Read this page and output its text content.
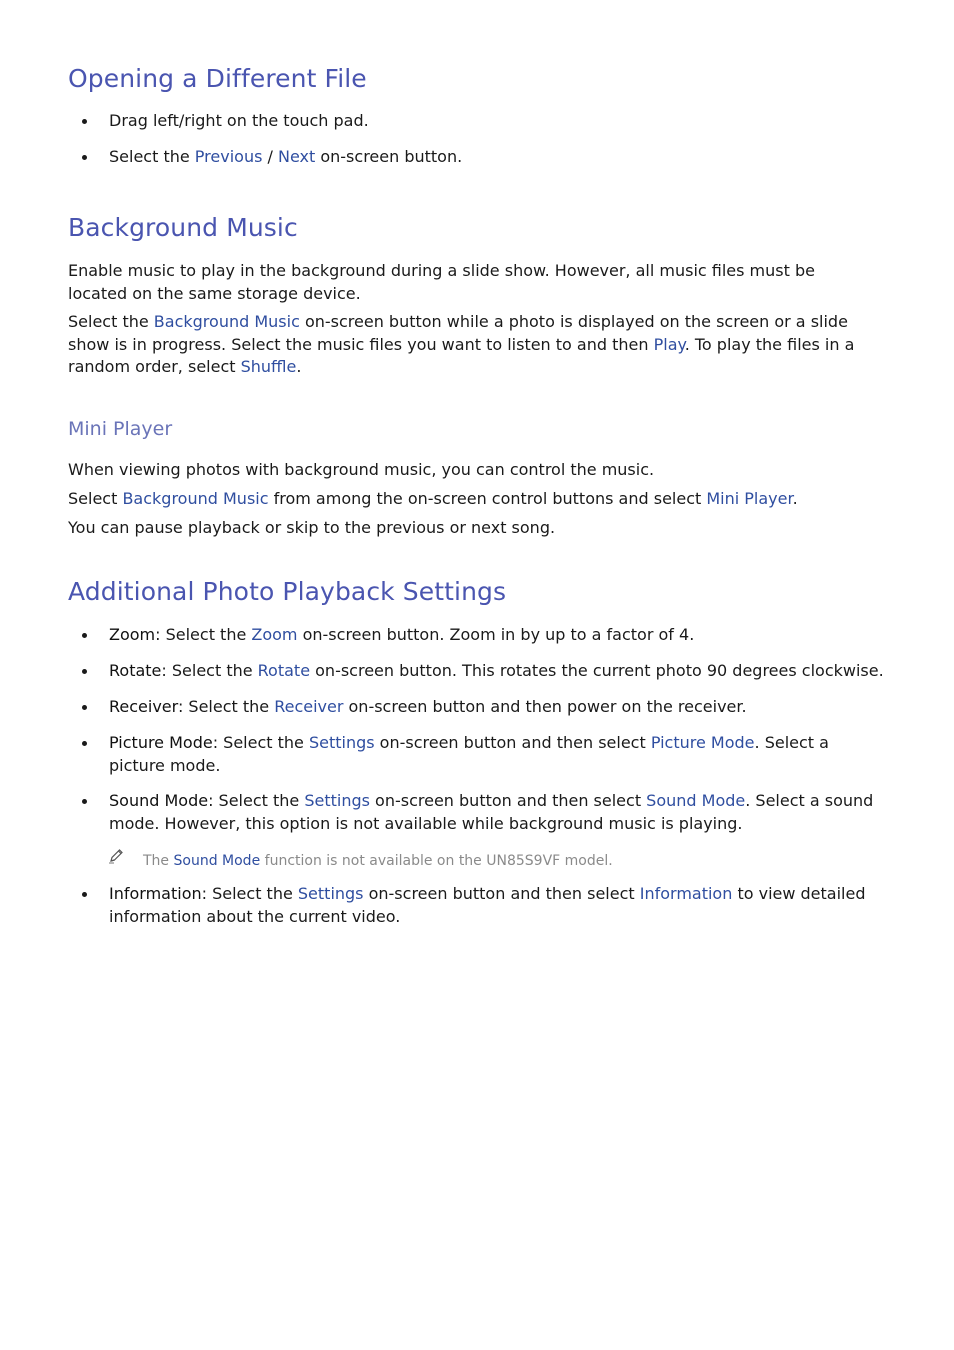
Opening a Different File

Drag left/right on the touch pad.

Select the Previous / Next on-screen button.

Background Music

Enable music to play in the background during a slide show. However, all music files must be located on the same storage device.

Select the Background Music on-screen button while a photo is displayed on the screen or a slide show is in progress. Select the music files you want to listen to and then Play. To play the files in a random order, select Shuffle.

Mini Player

When viewing photos with background music, you can control the music.

Select Background Music from among the on-screen control buttons and select Mini Player.

You can pause playback or skip to the previous or next song.

Additional Photo Playback Settings

Zoom: Select the Zoom on-screen button. Zoom in by up to a factor of 4.

Rotate: Select the Rotate on-screen button. This rotates the current photo 90 degrees clockwise.

Receiver: Select the Receiver on-screen button and then power on the receiver.

Picture Mode: Select the Settings on-screen button and then select Picture Mode. Select a picture mode.

Sound Mode: Select the Settings on-screen button and then select Sound Mode. Select a sound mode. However, this option is not available while background music is playing.

The Sound Mode function is not available on the UN85S9VF model.

Information: Select the Settings on-screen button and then select Information to view detailed information about the current video.
